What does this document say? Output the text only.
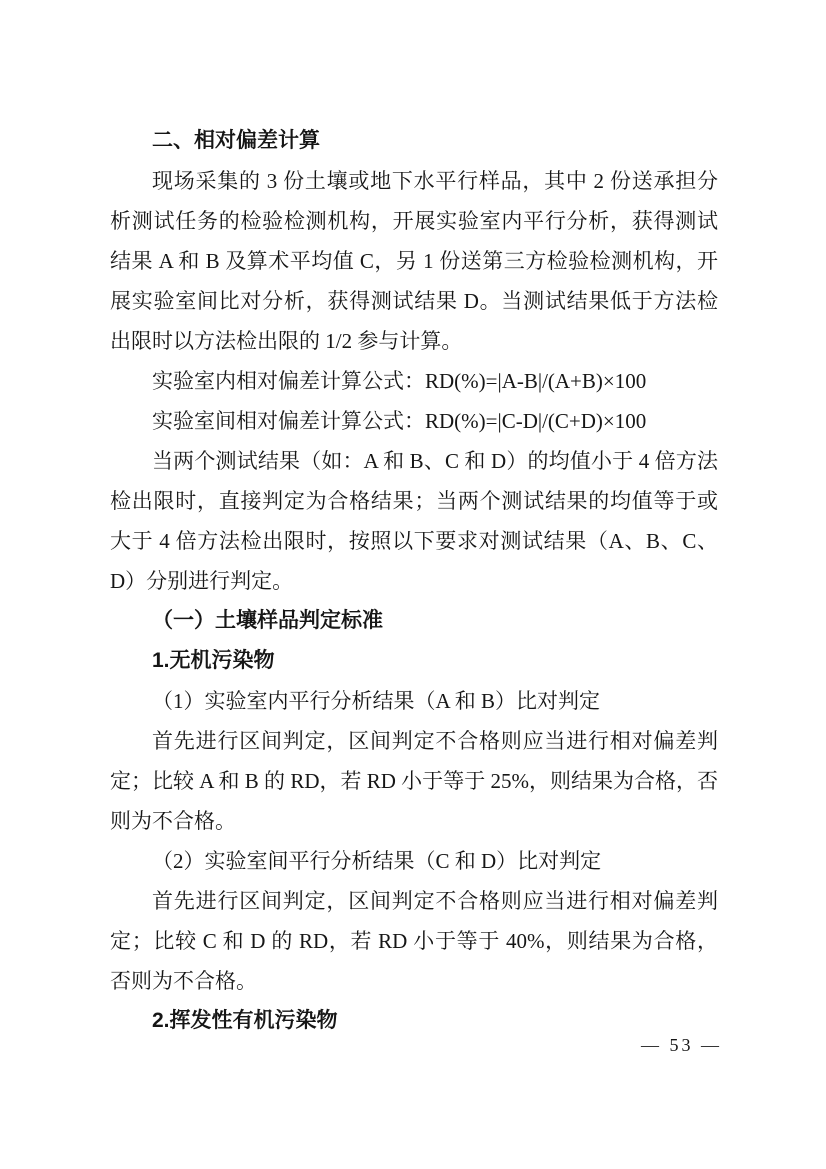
二、相对偏差计算

现场采集的 3 份土壤或地下水平行样品，其中 2 份送承担分析测试任务的检验检测机构，开展实验室内平行分析，获得测试结果 A 和 B 及算术平均值 C，另 1 份送第三方检验检测机构，开展实验室间比对分析，获得测试结果 D。当测试结果低于方法检出限时以方法检出限的 1/2 参与计算。

实验室内相对偏差计算公式：RD(%)=|A-B|/(A+B)×100

实验室间相对偏差计算公式：RD(%)=|C-D|/(C+D)×100

当两个测试结果（如：A 和 B、C 和 D）的均值小于 4 倍方法检出限时，直接判定为合格结果；当两个测试结果的均值等于或大于 4 倍方法检出限时，按照以下要求对测试结果（A、B、C、D）分别进行判定。

（一）土壤样品判定标准

1.无机污染物

（1）实验室内平行分析结果（A 和 B）比对判定

首先进行区间判定，区间判定不合格则应当进行相对偏差判定；比较 A 和 B 的 RD，若 RD 小于等于 25%，则结果为合格，否则为不合格。

（2）实验室间平行分析结果（C 和 D）比对判定

首先进行区间判定，区间判定不合格则应当进行相对偏差判定；比较 C 和 D 的 RD，若 RD 小于等于 40%，则结果为合格，否则为不合格。

2.挥发性有机污染物

— 53 —
